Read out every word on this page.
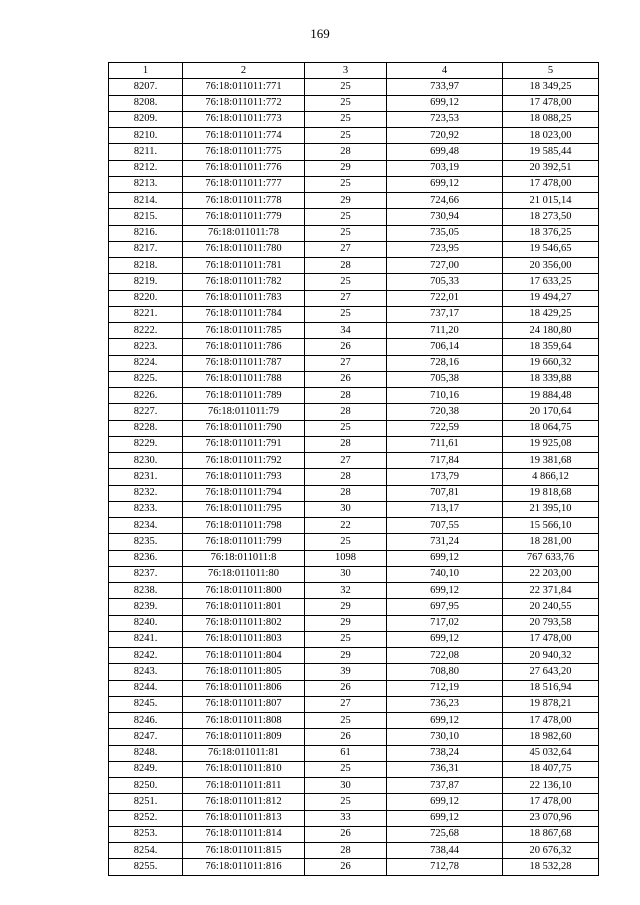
169
1	2	3	4	5
8207.	76:18:011011:771	25	733,97	18 349,25
8208.	76:18:011011:772	25	699,12	17 478,00
8209.	76:18:011011:773	25	723,53	18 088,25
8210.	76:18:011011:774	25	720,92	18 023,00
8211.	76:18:011011:775	28	699,48	19 585,44
8212.	76:18:011011:776	29	703,19	20 392,51
8213.	76:18:011011:777	25	699,12	17 478,00
8214.	76:18:011011:778	29	724,66	21 015,14
8215.	76:18:011011:779	25	730,94	18 273,50
8216.	76:18:011011:78	25	735,05	18 376,25
8217.	76:18:011011:780	27	723,95	19 546,65
8218.	76:18:011011:781	28	727,00	20 356,00
8219.	76:18:011011:782	25	705,33	17 633,25
8220.	76:18:011011:783	27	722,01	19 494,27
8221.	76:18:011011:784	25	737,17	18 429,25
8222.	76:18:011011:785	34	711,20	24 180,80
8223.	76:18:011011:786	26	706,14	18 359,64
8224.	76:18:011011:787	27	728,16	19 660,32
8225.	76:18:011011:788	26	705,38	18 339,88
8226.	76:18:011011:789	28	710,16	19 884,48
8227.	76:18:011011:79	28	720,38	20 170,64
8228.	76:18:011011:790	25	722,59	18 064,75
8229.	76:18:011011:791	28	711,61	19 925,08
8230.	76:18:011011:792	27	717,84	19 381,68
8231.	76:18:011011:793	28	173,79	4 866,12
8232.	76:18:011011:794	28	707,81	19 818,68
8233.	76:18:011011:795	30	713,17	21 395,10
8234.	76:18:011011:798	22	707,55	15 566,10
8235.	76:18:011011:799	25	731,24	18 281,00
8236.	76:18:011011:8	1098	699,12	767 633,76
8237.	76:18:011011:80	30	740,10	22 203,00
8238.	76:18:011011:800	32	699,12	22 371,84
8239.	76:18:011011:801	29	697,95	20 240,55
8240.	76:18:011011:802	29	717,02	20 793,58
8241.	76:18:011011:803	25	699,12	17 478,00
8242.	76:18:011011:804	29	722,08	20 940,32
8243.	76:18:011011:805	39	708,80	27 643,20
8244.	76:18:011011:806	26	712,19	18 516,94
8245.	76:18:011011:807	27	736,23	19 878,21
8246.	76:18:011011:808	25	699,12	17 478,00
8247.	76:18:011011:809	26	730,10	18 982,60
8248.	76:18:011011:81	61	738,24	45 032,64
8249.	76:18:011011:810	25	736,31	18 407,75
8250.	76:18:011011:811	30	737,87	22 136,10
8251.	76:18:011011:812	25	699,12	17 478,00
8252.	76:18:011011:813	33	699,12	23 070,96
8253.	76:18:011011:814	26	725,68	18 867,68
8254.	76:18:011011:815	28	738,44	20 676,32
8255.	76:18:011011:816	26	712,78	18 532,28
